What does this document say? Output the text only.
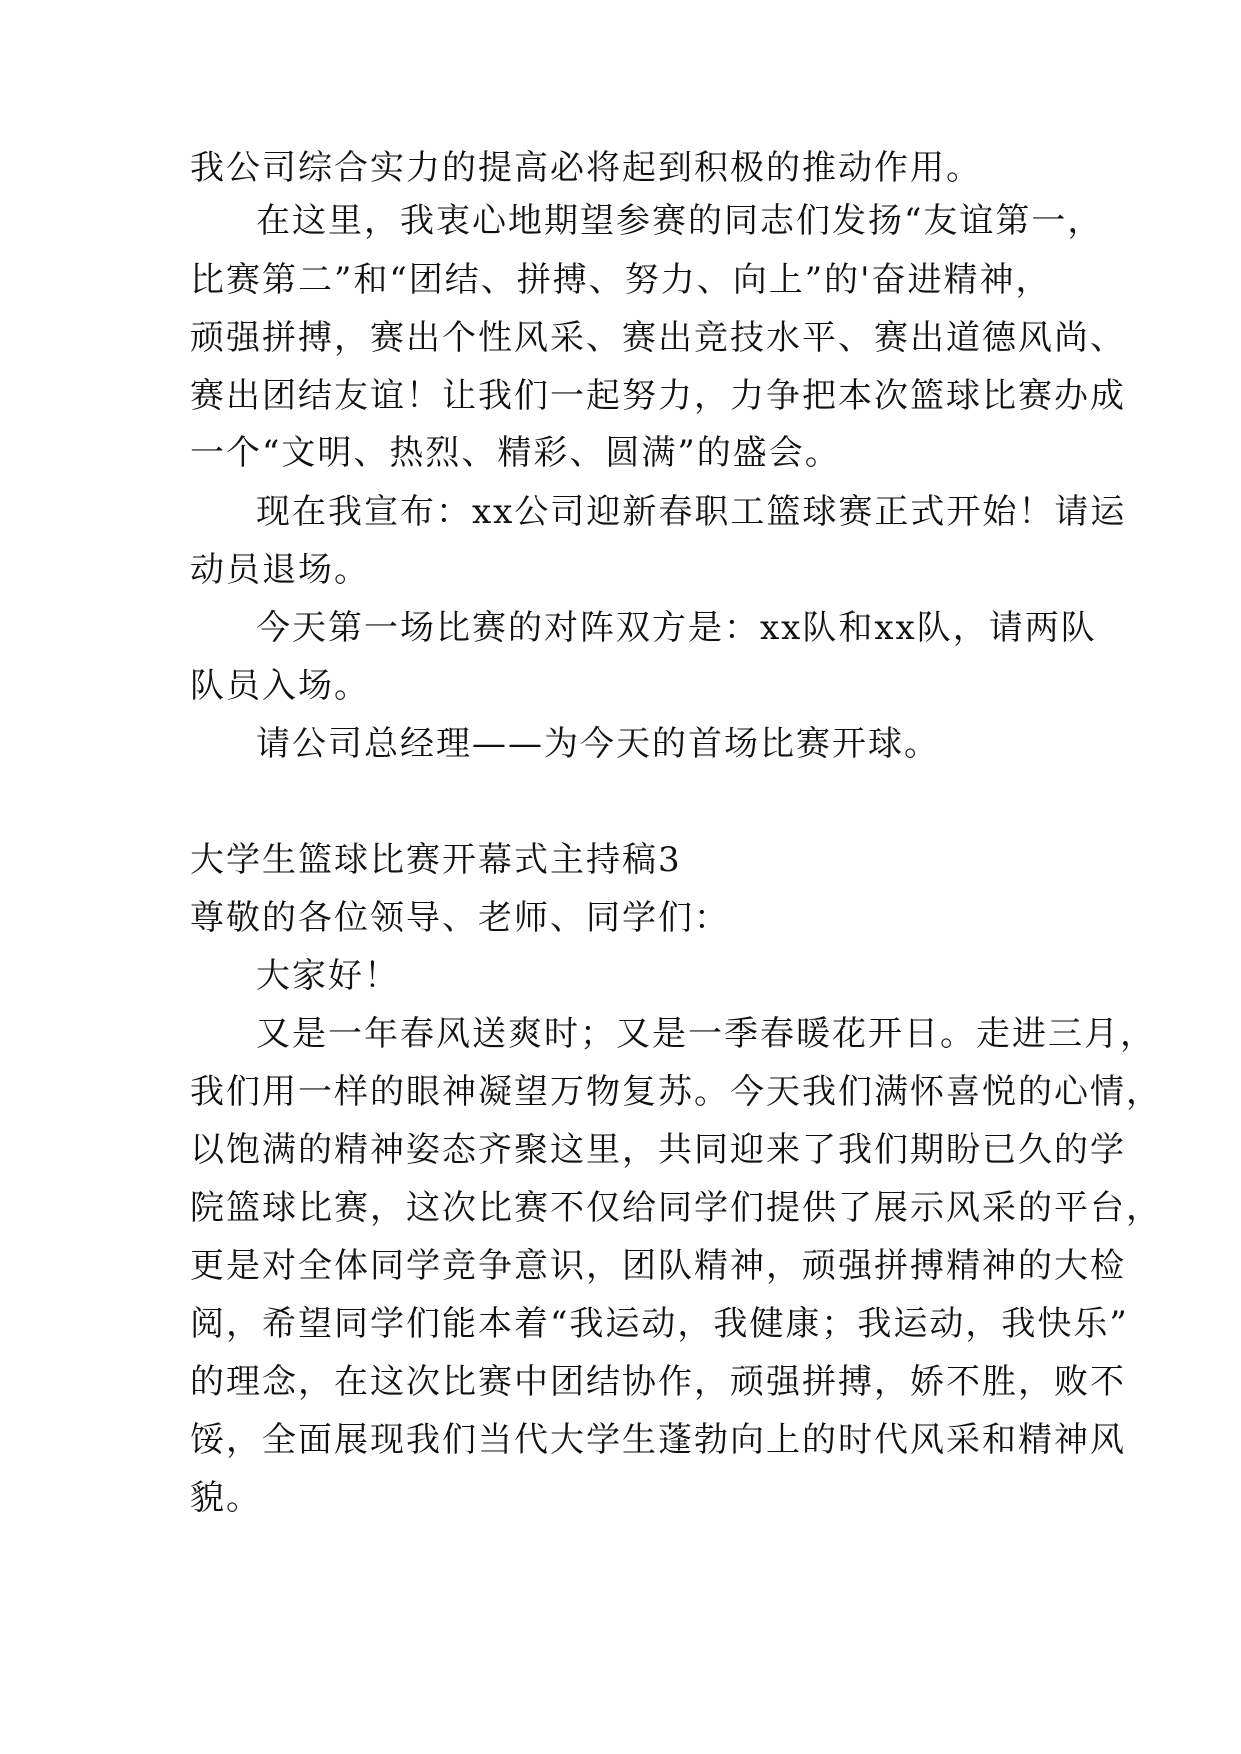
我公司综合实力的提高必将起到积极的推动作用。
在这里，我衷心地期望参赛的同志们发扬“友谊第一，
比赛第二”和“团结、拼搏、努力、向上”的'奋进精神，
顽强拼搏，赛出个性风采、赛出竞技水平、赛出道德风尚、
赛出团结友谊！让我们一起努力，力争把本次篮球比赛办成
一个“文明、热烈、精彩、圆满”的盛会。
现在我宣布：xx公司迎新春职工篮球赛正式开始！请运
动员退场。
今天第一场比赛的对阵双方是：xx队和xx队，请两队
队员入场。
请公司总经理——为今天的首场比赛开球。
大学生篮球比赛开幕式主持稿3
尊敬的各位领导、老师、同学们：
大家好！
又是一年春风送爽时；又是一季春暖花开日。走进三月，
我们用一样的眼神凝望万物复苏。今天我们满怀喜悦的心情，
以饱满的精神姿态齐聚这里，共同迎来了我们期盼已久的学
院篮球比赛，这次比赛不仅给同学们提供了展示风采的平台，
更是对全体同学竞争意识，团队精神，顽强拼搏精神的大检
阅，希望同学们能本着“我运动，我健康；我运动，我快乐”
的理念，在这次比赛中团结协作，顽强拼搏，娇不胜，败不
馁，全面展现我们当代大学生蓬勃向上的时代风采和精神风
貌。
